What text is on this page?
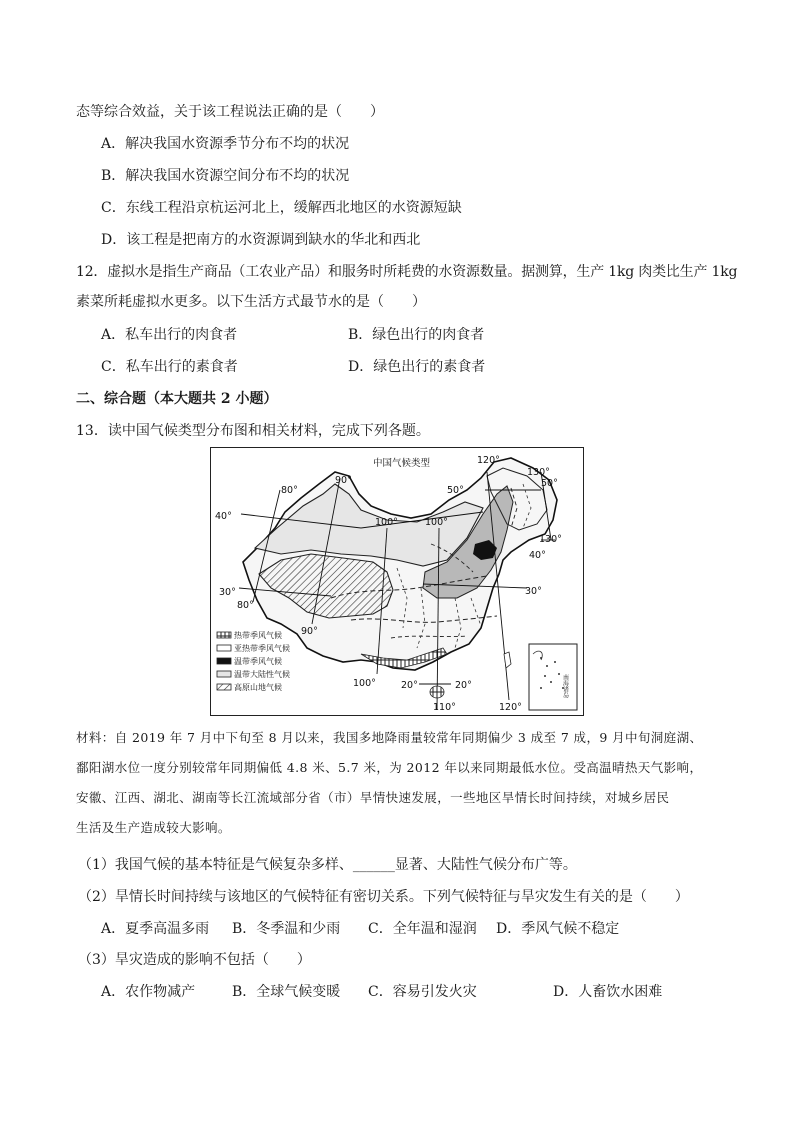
态等综合效益，关于该工程说法正确的是（　　）
A．解决我国水资源季节分布不均的状况
B．解决我国水资源空间分布不均的状况
C．东线工程沿京杭运河北上，缓解西北地区的水资源短缺
D．该工程是把南方的水资源调到缺水的华北和西北
12．虚拟水是指生产商品（工农业产品）和服务时所耗费的水资源数量。据测算，生产 1kg 肉类比生产 1kg
素菜所耗虚拟水更多。以下生活方式最节水的是（　　）
A．私车出行的肉食者	B．绿色出行的肉食者
C．私车出行的素食者	D．绿色出行的素食者
二、综合题（本大题共 2 小题）
13．读中国气候类型分布图和相关材料，完成下列各题。
南海诸岛
中国气候类型	120°
130°
50°
50°
90°
80°
40°
100°	100°
40°
130°
30°
80°
90°
30°
100°	20°	20°
110°	120°
热带季风气候
亚热带季风气候
温带季风气候
温带大陆性气候
高原山地气候
材料：自 2019 年 7 月中下旬至 8 月以来，我国多地降雨量较常年同期偏少 3 成至 7 成，9 月中旬洞庭湖、
鄱阳湖水位一度分别较常年同期偏低 4.8 米、5.7 米，为 2012 年以来同期最低水位。受高温晴热天气影响，
安徽、江西、湖北、湖南等长江流域部分省（市）旱情快速发展，一些地区旱情长时间持续，对城乡居民
生活及生产造成较大影响。
（1）我国气候的基本特征是气候复杂多样、______显著、大陆性气候分布广等。
（2）旱情长时间持续与该地区的气候特征有密切关系。下列气候特征与旱灾发生有关的是（　　）
A．夏季高温多雨 B．冬季温和少雨 C．全年温和湿润 D．季风气候不稳定
（3）旱灾造成的影响不包括（　　）
A．农作物减产	B．全球气候变暖 C．容易引发火灾	D．人畜饮水困难
